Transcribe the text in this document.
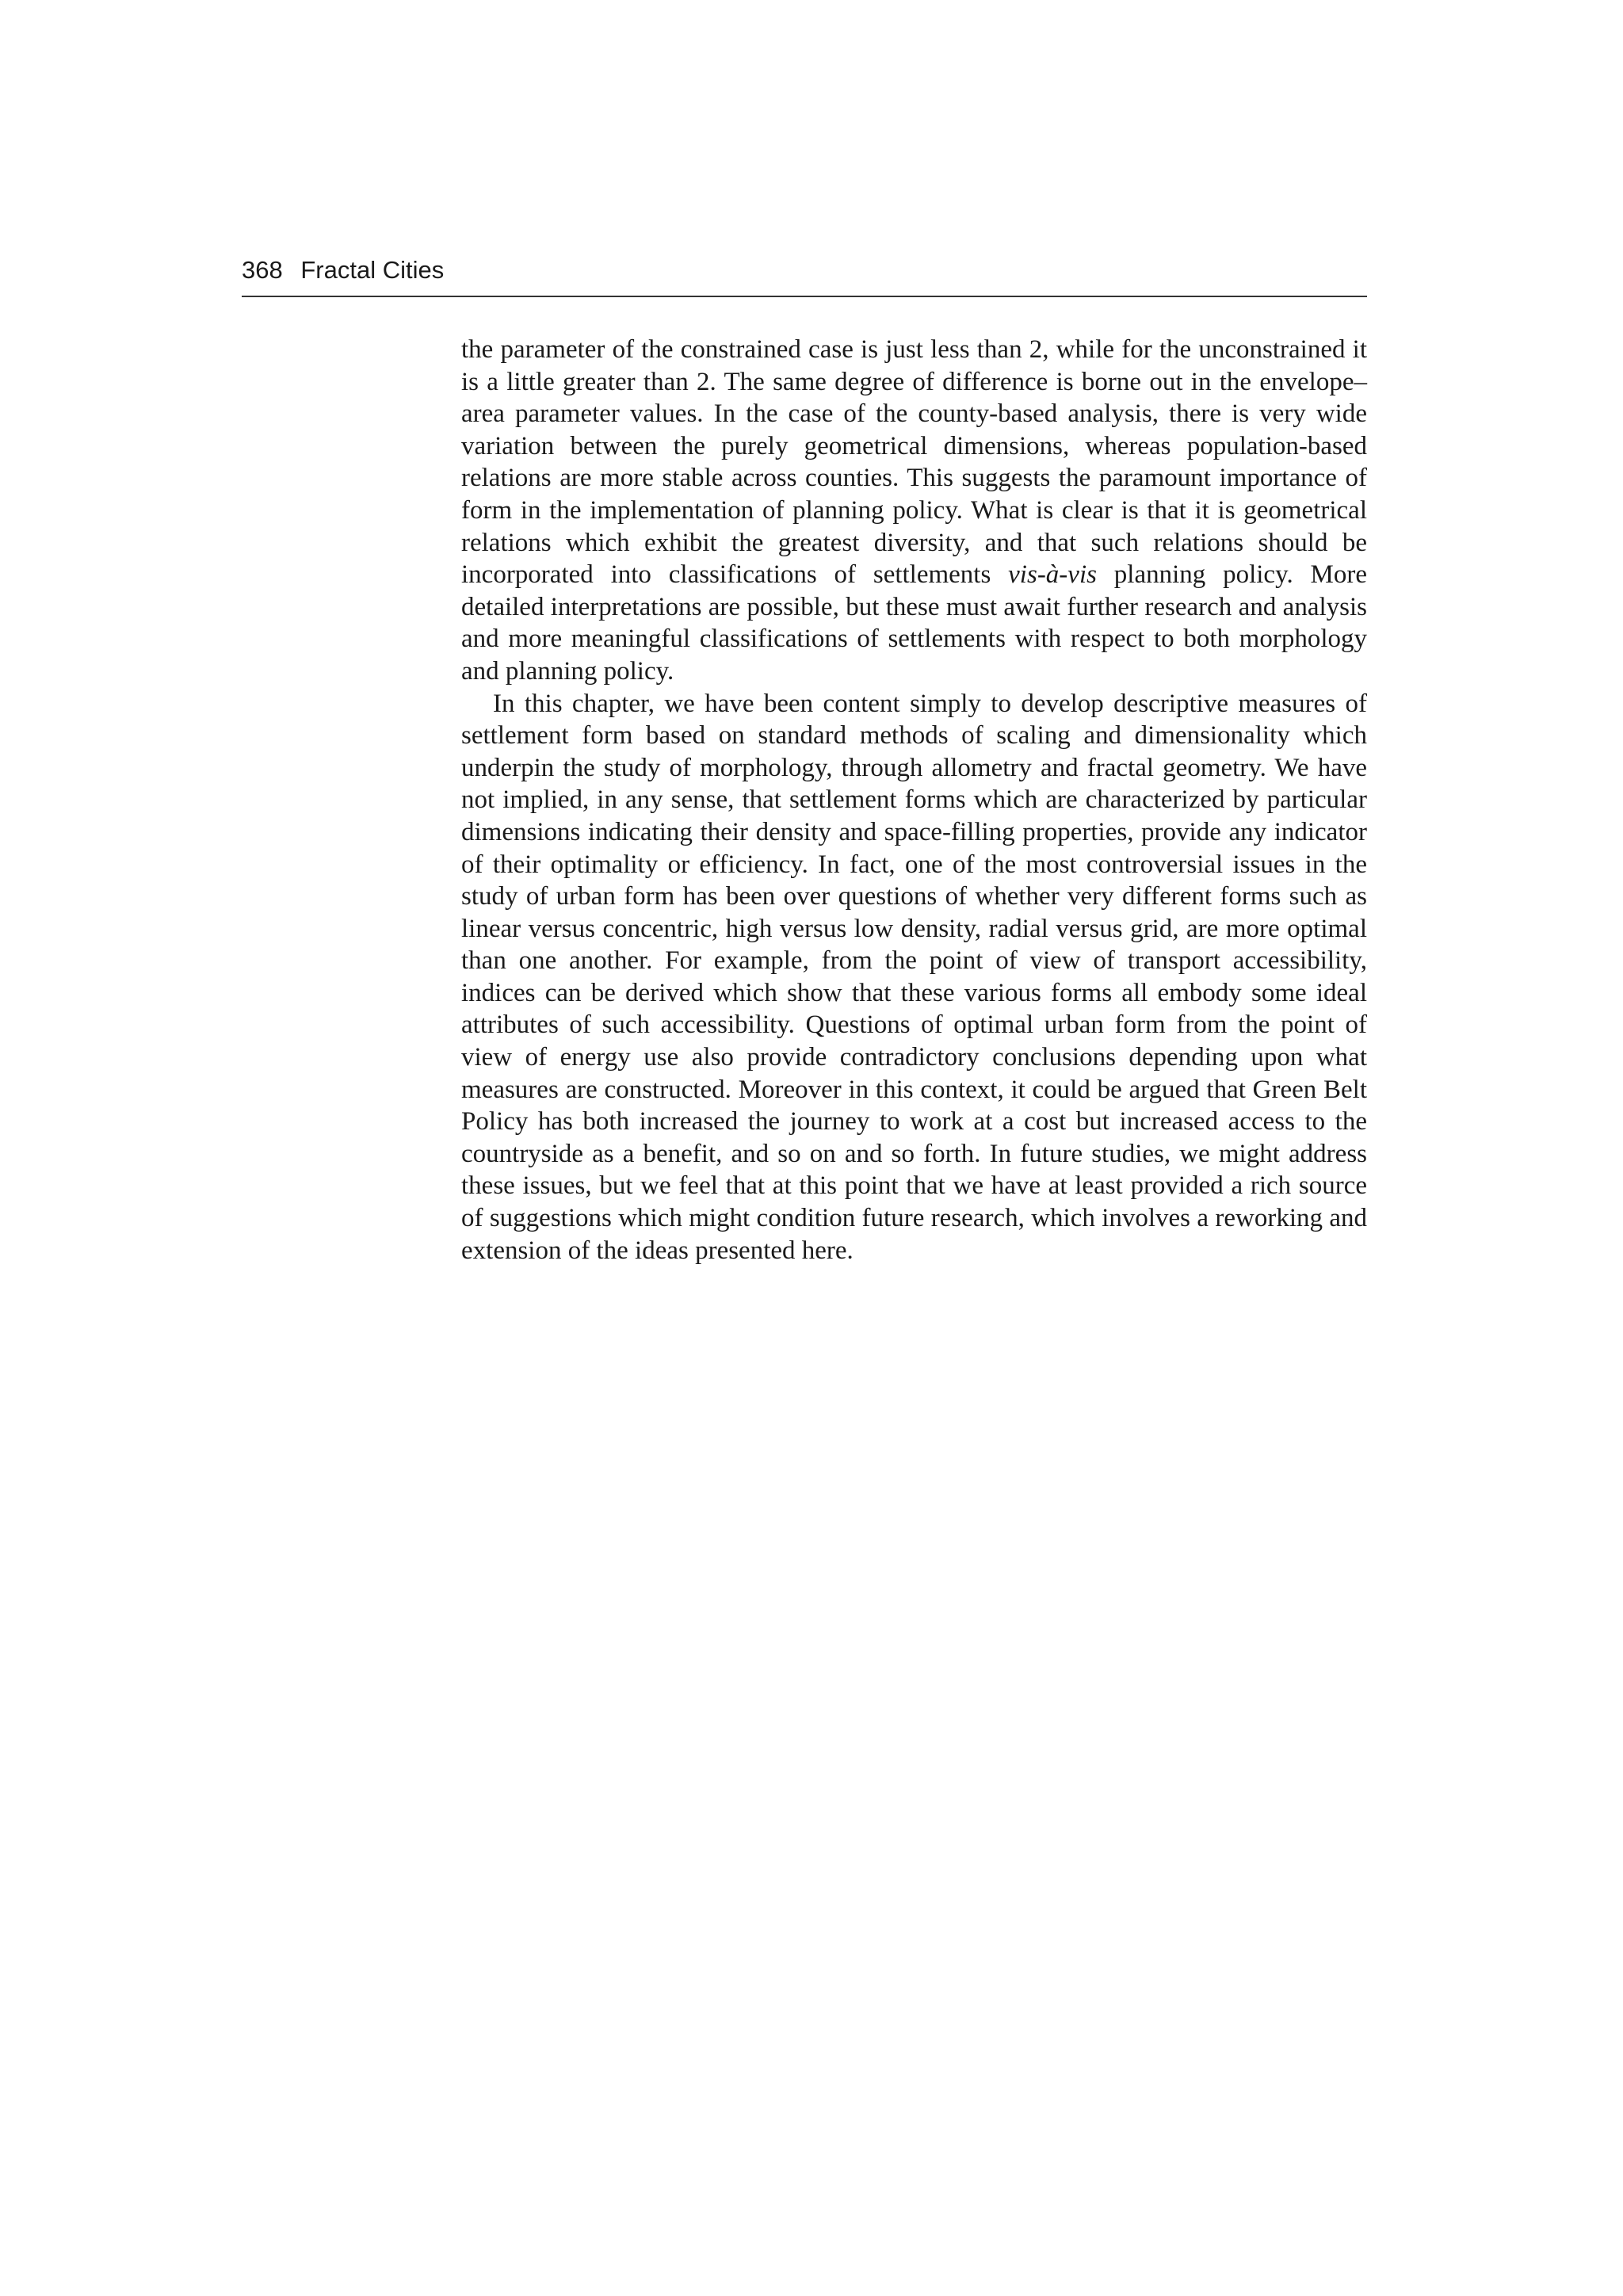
368 Fractal Cities

the parameter of the constrained case is just less than 2, while for the unconstrained it is a little greater than 2. The same degree of difference is borne out in the envelope–area parameter values. In the case of the county-based analysis, there is very wide variation between the purely geometrical dimensions, whereas population-based relations are more stable across counties. This suggests the paramount importance of form in the implementation of planning policy. What is clear is that it is geometrical relations which exhibit the greatest diversity, and that such relations should be incorporated into classifications of settlements vis-à-vis planning policy. More detailed interpretations are possible, but these must await further research and analysis and more meaningful classifications of settlements with respect to both morphology and planning policy.

In this chapter, we have been content simply to develop descriptive measures of settlement form based on standard methods of scaling and dimensionality which underpin the study of morphology, through allometry and fractal geometry. We have not implied, in any sense, that settlement forms which are characterized by particular dimensions indicating their density and space-filling properties, provide any indicator of their optimality or efficiency. In fact, one of the most controversial issues in the study of urban form has been over questions of whether very different forms such as linear versus concentric, high versus low density, radial versus grid, are more optimal than one another. For example, from the point of view of transport accessibility, indices can be derived which show that these various forms all embody some ideal attributes of such accessibility. Questions of optimal urban form from the point of view of energy use also provide contradictory conclusions depending upon what measures are constructed. Moreover in this context, it could be argued that Green Belt Policy has both increased the journey to work at a cost but increased access to the countryside as a benefit, and so on and so forth. In future studies, we might address these issues, but we feel that at this point that we have at least provided a rich source of suggestions which might condition future research, which involves a reworking and extension of the ideas presented here.
